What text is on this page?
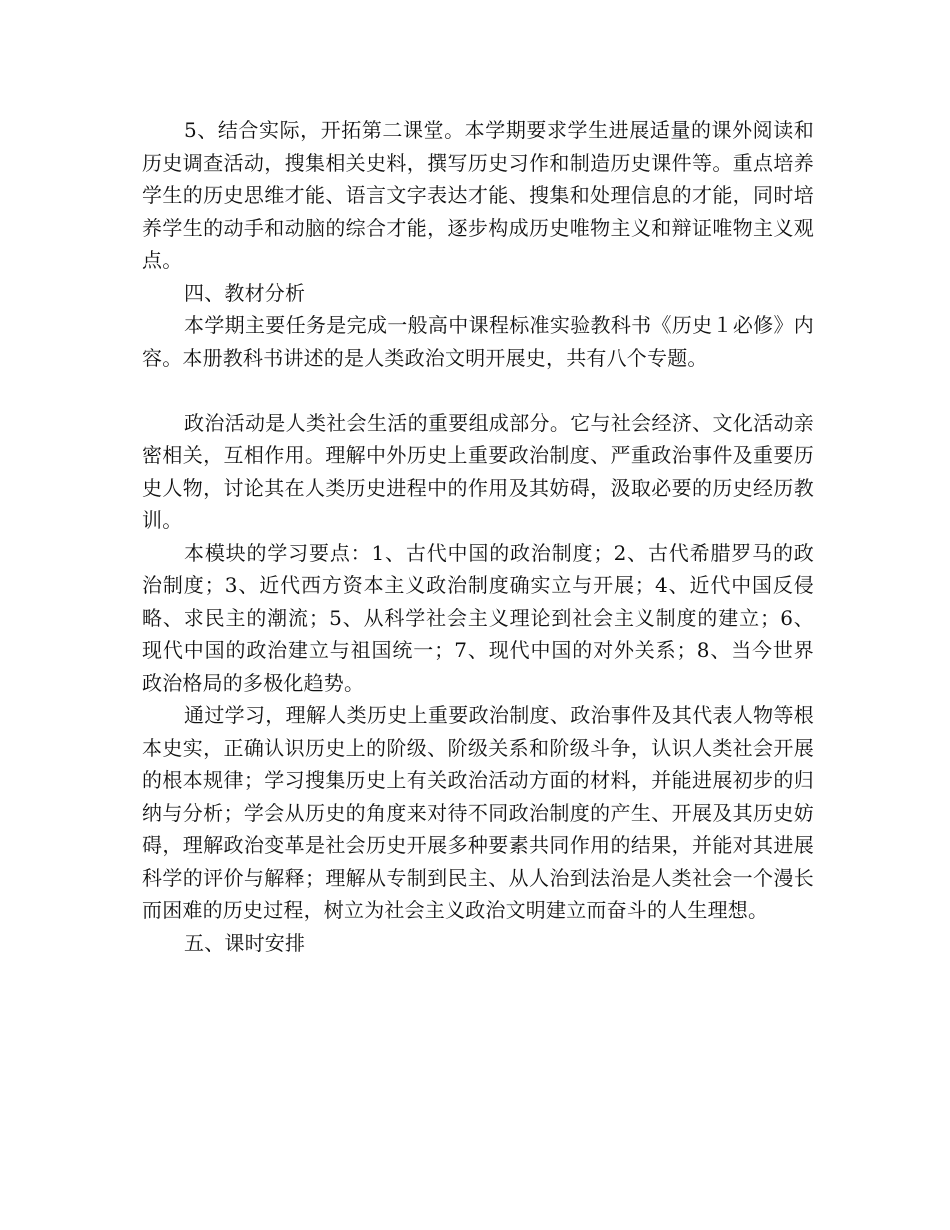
5、结合实际，开拓第二课堂。本学期要求学生进展适量的课外阅读和历史调查活动，搜集相关史料，撰写历史习作和制造历史课件等。重点培养学生的历史思维才能、语言文字表达才能、搜集和处理信息的才能，同时培养学生的动手和动脑的综合才能，逐步构成历史唯物主义和辩证唯物主义观点。

四、教材分析

本学期主要任务是完成一般高中课程标准实验教科书《历史１必修》内容。本册教科书讲述的是人类政治文明开展史，共有八个专题。

政治活动是人类社会生活的重要组成部分。它与社会经济、文化活动亲密相关，互相作用。理解中外历史上重要政治制度、严重政治事件及重要历史人物，讨论其在人类历史进程中的作用及其妨碍，汲取必要的历史经历教训。

本模块的学习要点：1、古代中国的政治制度；2、古代希腊罗马的政治制度；3、近代西方资本主义政治制度确实立与开展；4、近代中国反侵略、求民主的潮流；5、从科学社会主义理论到社会主义制度的建立；6、现代中国的政治建立与祖国统一；7、现代中国的对外关系；8、当今世界政治格局的多极化趋势。

通过学习，理解人类历史上重要政治制度、政治事件及其代表人物等根本史实，正确认识历史上的阶级、阶级关系和阶级斗争，认识人类社会开展的根本规律；学习搜集历史上有关政治活动方面的材料，并能进展初步的归纳与分析；学会从历史的角度来对待不同政治制度的产生、开展及其历史妨碍，理解政治变革是社会历史开展多种要素共同作用的结果，并能对其进展科学的评价与解释；理解从专制到民主、从人治到法治是人类社会一个漫长而困难的历史过程，树立为社会主义政治文明建立而奋斗的人生理想。

五、课时安排
